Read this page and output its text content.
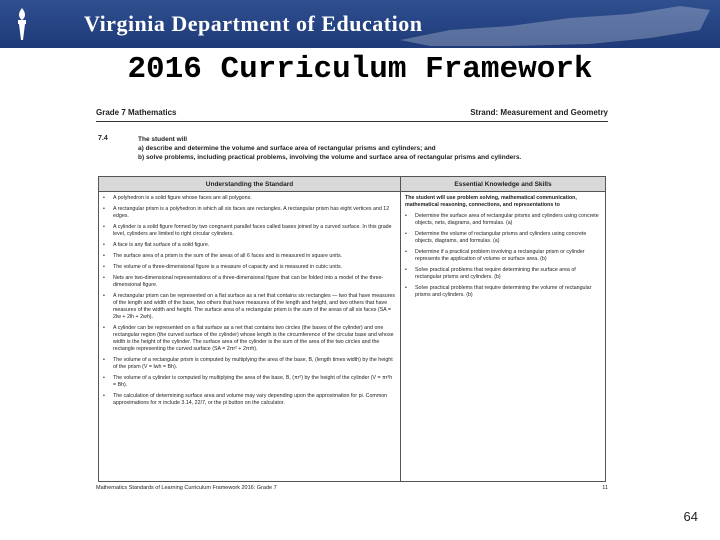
Virginia Department of Education
2016 Curriculum Framework
Grade 7 Mathematics	Strand: Measurement and Geometry
7.4	The student will
a) describe and determine the volume and surface area of rectangular prisms and cylinders; and
b) solve problems, including practical problems, involving the volume and surface area of rectangular prisms and cylinders.
Understanding the Standard	Essential Knowledge and Skills
•	A polyhedron is a solid figure whose faces are all polygons.
•	A rectangular prism is a polyhedron in which all six faces are rectangles. A rectangular prism has eight vertices and 12 edges.
•	A cylinder is a solid figure formed by two congruent parallel faces called bases joined by a curved surface. In this grade level, cylinders are limited to right circular cylinders.
•	A face is any flat surface of a solid figure.
•	The surface area of a prism is the sum of the areas of all 6 faces and is measured in square units.
•	The volume of a three-dimensional figure is a measure of capacity and is measured in cubic units.
•	Nets are two-dimensional representations of a three-dimensional figure that can be folded into a model of the three-dimensional figure.
•	A rectangular prism can be represented on a flat surface as a net that contains six rectangles — two that have measures of the length and width of the base, two others that have measures of the length and height, and two others that have measures of the width and height. The surface area of a rectangular prism is the sum of the areas of all six faces (SA = 2lw + 2lh + 2wh).
•	A cylinder can be represented on a flat surface as a net that contains two circles (the bases of the cylinder) and one rectangular region (the curved surface of the cylinder) whose length is the circumference of the circular base and whose width is the height of the cylinder. The surface area of the cylinder is the sum of the area of the two circles and the rectangle representing the curved surface (SA = 2πr² + 2πrh).
•	The volume of a rectangular prism is computed by multiplying the area of the base, B, (length times width) by the height of the prism (V = lwh = Bh).
•	The volume of a cylinder is computed by multiplying the area of the base, B, (πr²) by the height of the cylinder (V = πr²h = Bh).
•	The calculation of determining surface area and volume may vary depending upon the approximation for pi. Common approximations for π include 3.14, 22/7, or the pi button on the calculator.
The student will use problem solving, mathematical communication, mathematical reasoning, connections, and representations to
•	Determine the surface area of rectangular prisms and cylinders using concrete objects, nets, diagrams, and formulas. (a)
•	Determine the volume of rectangular prisms and cylinders using concrete objects, diagrams, and formulas. (a)
•	Determine if a practical problem involving a rectangular prism or cylinder represents the application of volume or surface area. (b)
•	Solve practical problems that require determining the surface area of rectangular prisms and cylinders. (b)
•	Solve practical problems that require determining the volume of rectangular prisms and cylinders. (b)
Mathematics Standards of Learning Curriculum Framework 2016: Grade 7	11
64
